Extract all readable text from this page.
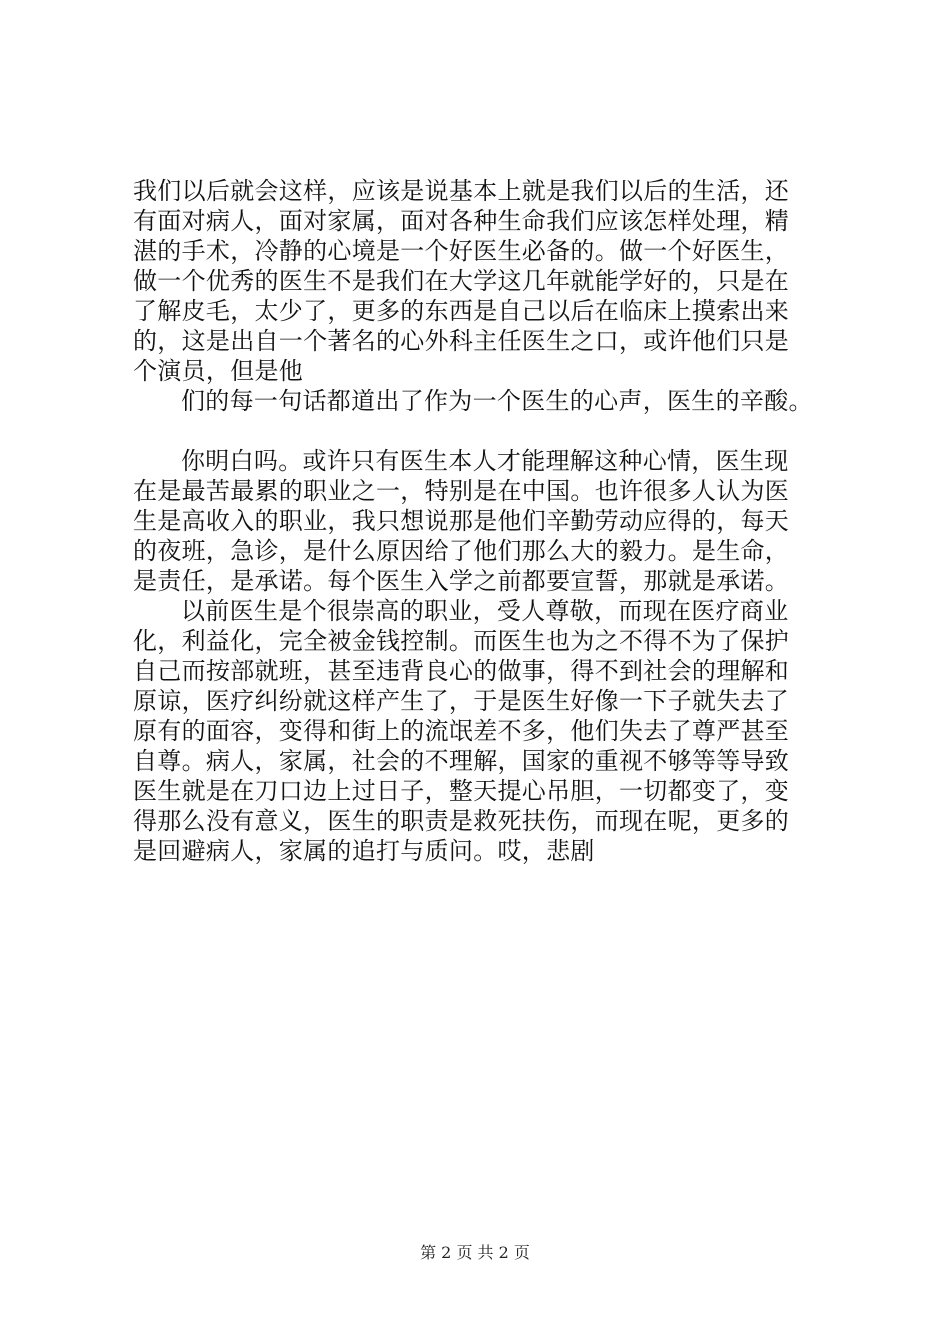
我们以后就会这样，应该是说基本上就是我们以后的生活，还
有面对病人，面对家属，面对各种生命我们应该怎样处理，精
湛的手术，冷静的心境是一个好医生必备的。做一个好医生，
做一个优秀的医生不是我们在大学这几年就能学好的，只是在
了解皮毛，太少了，更多的东西是自己以后在临床上摸索出来
的，这是出自一个著名的心外科主任医生之口，或许他们只是
个演员，但是他
们的每一句话都道出了作为一个医生的心声，医生的辛酸。
你明白吗。或许只有医生本人才能理解这种心情，医生现
在是最苦最累的职业之一，特别是在中国。也许很多人认为医
生是高收入的职业，我只想说那是他们辛勤劳动应得的，每天
的夜班，急诊，是什么原因给了他们那么大的毅力。是生命，
是责任，是承诺。每个医生入学之前都要宣誓，那就是承诺。
以前医生是个很崇高的职业，受人尊敬，而现在医疗商业
化，利益化，完全被金钱控制。而医生也为之不得不为了保护
自己而按部就班，甚至违背良心的做事，得不到社会的理解和
原谅，医疗纠纷就这样产生了，于是医生好像一下子就失去了
原有的面容，变得和街上的流氓差不多，他们失去了尊严甚至
自尊。病人，家属，社会的不理解，国家的重视不够等等导致
医生就是在刀口边上过日子，整天提心吊胆，一切都变了，变
得那么没有意义，医生的职责是救死扶伤，而现在呢，更多的
是回避病人，家属的追打与质问。哎，悲剧
第 2 页 共 2 页
